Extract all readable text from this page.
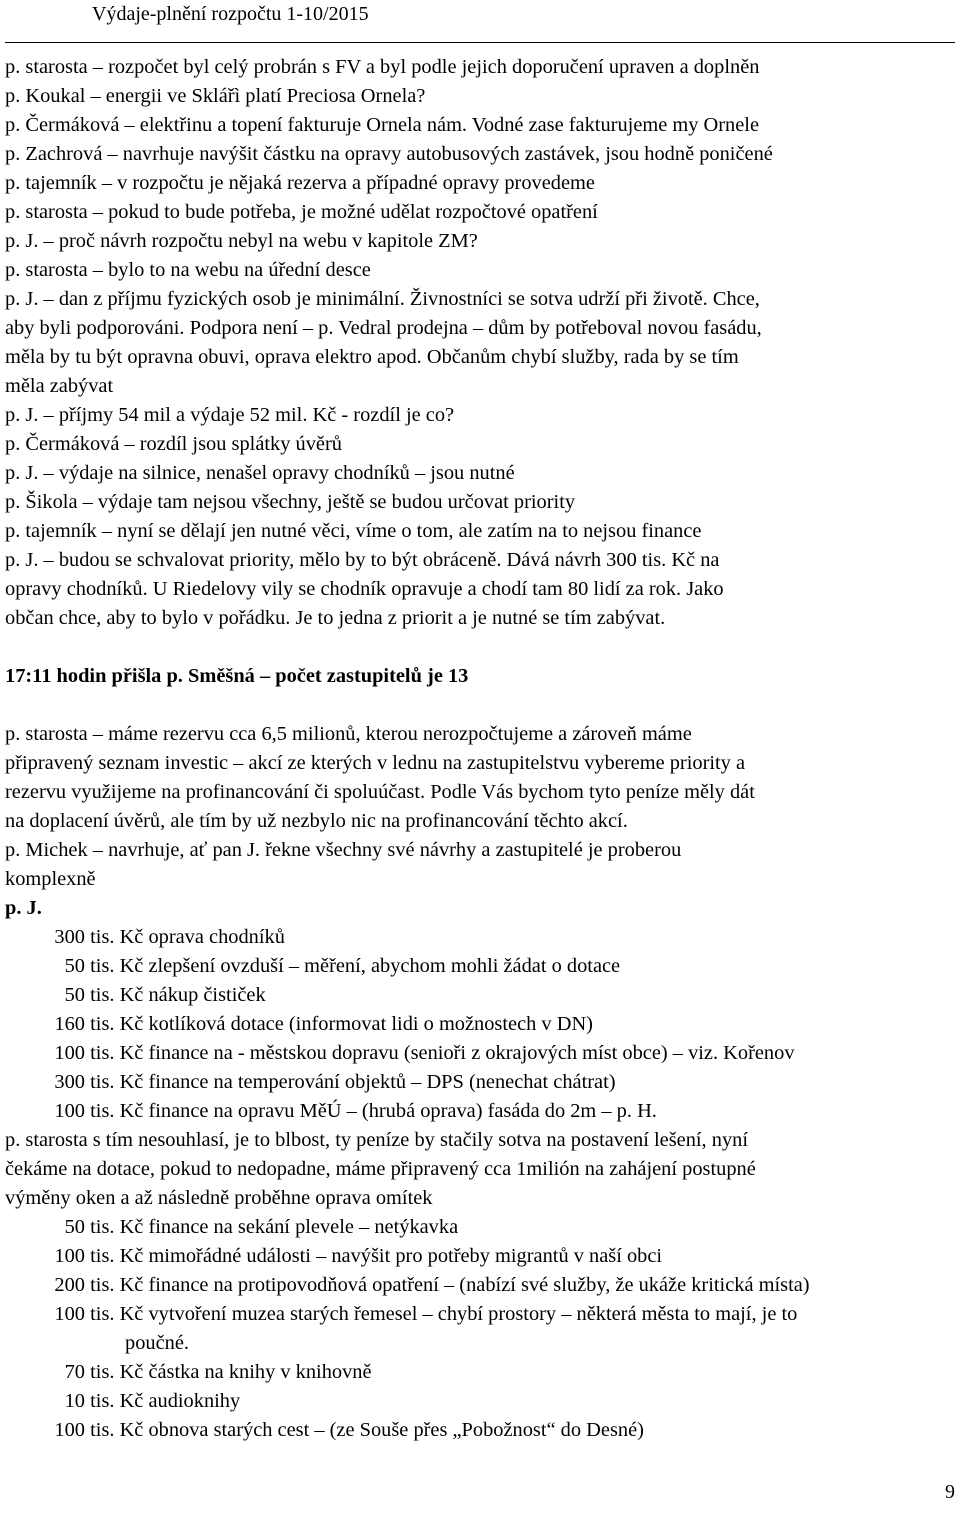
Výdaje-plnění rozpočtu 1-10/2015
p. starosta – rozpočet byl celý probrán s FV a byl podle jejich doporučení upraven a doplněn
p. Koukal – energii ve Sklářì platí Preciosa Ornela?
p. Čermáková – elektřinu a topení fakturuje Ornela nám. Vodné zase fakturujeme my Ornele
p. Zachrová – navrhuje navýšit částku na opravy autobusových zastávek, jsou hodně poničené
p. tajemník – v rozpočtu je nějaká rezerva a případné opravy provedeme
p. starosta – pokud to bude potřeba, je možné udělat rozpočtové opatření
p. J. – proč návrh rozpočtu nebyl na webu v kapitole ZM?
p. starosta – bylo to na webu na úřední desce
p. J. – dan z příjmu fyzických osob je minimální. Živnostníci se sotva udrží při životě. Chce,
aby byli podporováni. Podpora není – p. Vedral prodejna – dům by potřeboval novou fasádu,
měla by tu být opravna obuvi, oprava elektro apod. Občanům chybí služby, rada by se tím
měla zabývat
p. J. – příjmy 54 mil a výdaje 52 mil. Kč - rozdíl je co?
p. Čermáková – rozdíl jsou splátky úvěrů
p. J. – výdaje na silnice, nenašel opravy chodníků – jsou nutné
p. Šikola – výdaje tam nejsou všechny, ještě se budou určovat priority
p. tajemník – nyní se dělají jen nutné věci, víme o tom, ale zatím na to nejsou finance
p. J. – budou se schvalovat priority, mělo by to být obráceně. Dává návrh 300 tis. Kč na
opravy chodníků. U Riedelovy vily se chodník opravuje a chodí tam 80 lidí za rok. Jako
občan chce, aby to bylo v pořádku. Je to jedna z priorit a je nutné se tím zabývat.
17:11 hodin přišla p. Směšná – počet zastupitelů je 13
p. starosta – máme rezervu cca 6,5 milionů, kterou nerozpočtujeme a zároveň máme
připravený seznam investic – akcí ze kterých v lednu na zastupitelstvu vybereme priority a
rezervu využijeme na profinancování či spoluúčast. Podle Vás bychom tyto peníze měly dát
na doplacení úvěrů, ale tím by už nezbylo nic na profinancování těchto akcí.
p. Michek – navrhuje, ať pan J. řekne všechny své návrhy a zastupitelé je proberou
komplexně
p. J.
300 tis. Kč oprava chodníků
50 tis. Kč zlepšení ovzduší – měření, abychom mohli žádat o dotace
50 tis. Kč nákup čističek
160 tis. Kč kotlíková dotace (informovat lidi o možnostech v DN)
100 tis. Kč finance na - městskou dopravu (senioři z okrajových míst obce) – viz. Kořenov
300 tis. Kč finance na temperování objektů – DPS (nenechat chátrat)
100 tis. Kč finance na opravu MěÚ – (hrubá oprava) fasáda do 2m – p. H.
p. starosta s tím nesouhlasí, je to blbost, ty peníze by stačily sotva na postavení lešení, nyní
čekáme na dotace, pokud to nedopadne, máme připravený cca 1milión na zahájení postupné
výměny oken a až následně proběhne oprava omítek
50 tis. Kč finance na sekání plevele – netýkavka
100 tis. Kč mimořádné události – navýšit pro potřeby migrantů v naší obci
200 tis. Kč finance na protipovodňová opatření – (nabízí své služby, že ukáže kritická místa)
100 tis. Kč vytvoření muzea starých řemesel – chybí prostory – některá města to mají, je to
poučné.
70 tis. Kč částka na knihy v knihovně
10 tis. Kč audioknihy
100 tis. Kč obnova starých cest – (ze Souše přes „Pobožnost“ do Desné)
9
